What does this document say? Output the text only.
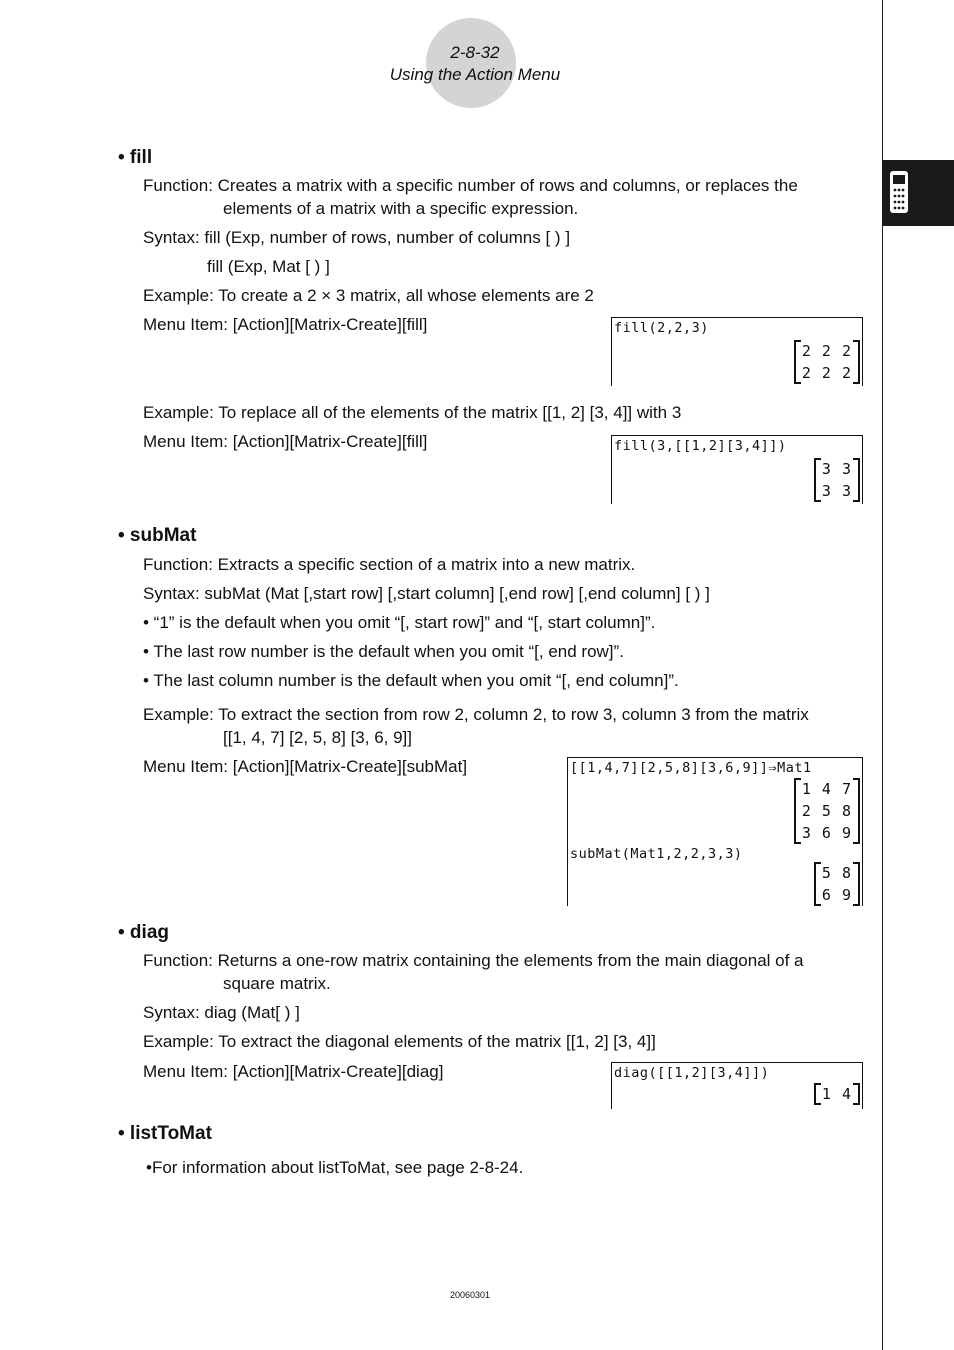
2-8-32
Using the Action Menu
• fill
Function: Creates a matrix with a specific number of rows and columns, or replaces the
elements of a matrix with a specific expression.
Syntax: fill (Exp, number of rows, number of columns [ ) ]
fill (Exp, Mat [ ) ]
Example: To create a 2 × 3 matrix, all whose elements are 2
Menu Item: [Action][Matrix-Create][fill]	fill(2,2,3)
2 2 2
2 2 2
Example: To replace all of the elements of the matrix [[1, 2] [3, 4]] with 3
Menu Item: [Action][Matrix-Create][fill]	fill(3,[[1,2][3,4]])
3 3
3 3
• subMat
Function: Extracts a specific section of a matrix into a new matrix.
Syntax: subMat (Mat [,start row] [,start column] [,end row] [,end column] [ ) ]
• “1” is the default when you omit “[, start row]” and “[, start column]”.
• The last row number is the default when you omit “[, end row]”.
• The last column number is the default when you omit “[, end column]”.
Example: To extract the section from row 2, column 2, to row 3, column 3 from the matrix
[[1, 4, 7] [2, 5, 8] [3, 6, 9]]
Menu Item: [Action][Matrix-Create][subMat]	[[1,4,7][2,5,8][3,6,9]]⇒Mat1
1 4 7
2 5 8
3 6 9
subMat(Mat1,2,2,3,3)
5 8
6 9
• diag
Function: Returns a one-row matrix containing the elements from the main diagonal of a
square matrix.
Syntax: diag (Mat[ ) ]
Example: To extract the diagonal elements of the matrix [[1, 2] [3, 4]]
Menu Item: [Action][Matrix-Create][diag]	diag([[1,2][3,4]])
1 4
• listToMat
•For information about listToMat, see page 2-8-24.
20060301
